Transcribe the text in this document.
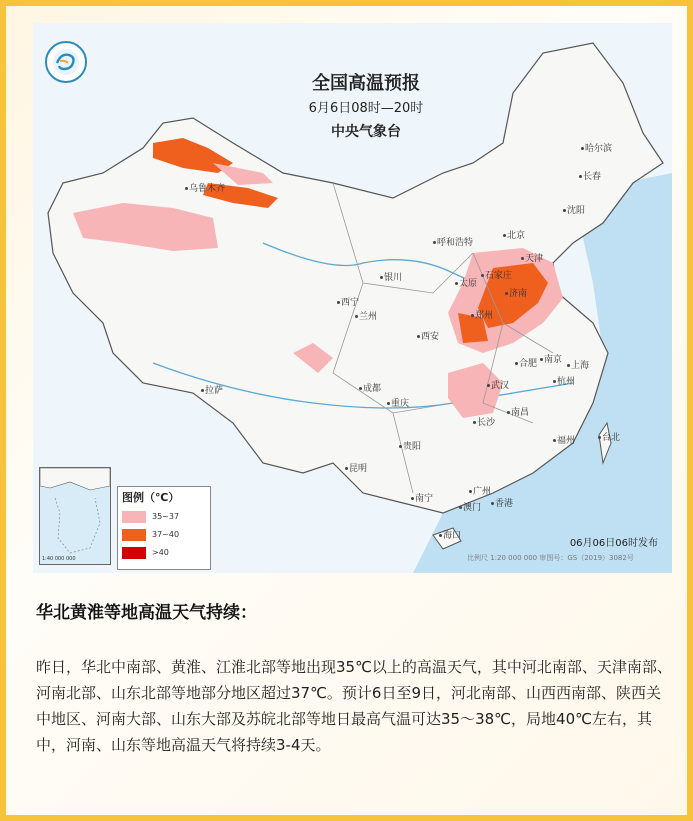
全国高温预报
6月6日08时—20时
中央气象台
哈尔滨
长春
沈阳
北京
天津
石家庄
太原
济南
郑州
呼和浩特
银川
兰州
西宁
西安
乌鲁木齐
拉萨	成都
重庆
贵阳
昆明
南宁
广州
香港
澳门
海口
长沙
武汉
南昌
合肥 南京
上海
杭州
福州	台北
1:40 000 000
图例（℃）
35~37
37~40
>40
06月06日06时发布
比例尺 1:20 000 000 审图号：GS（2019）3082号
华北黄淮等地高温天气持续：
昨日，华北中南部、黄淮、江淮北部等地出现35℃以上的高温天气，其中河北南部、天津南部、河南北部、山东北部等地部分地区超过37℃。预计6日至9日，河北南部、山西西南部、陕西关中地区、河南大部、山东大部及苏皖北部等地日最高气温可达35～38℃，局地40℃左右，其中，河南、山东等地高温天气将持续3-4天。
